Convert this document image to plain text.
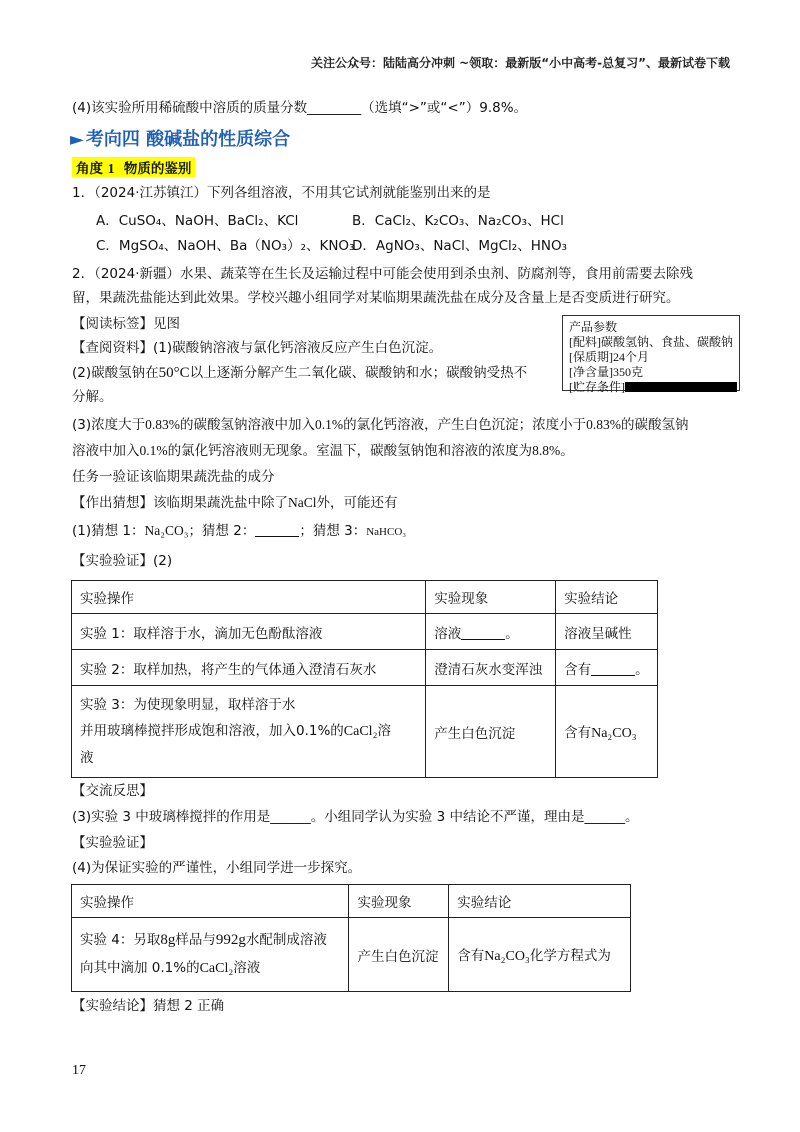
关注公众号：陆陆高分冲刺 ~领取：最新版“小中高考-总复习”、最新试卷下载
(4)该实验所用稀硫酸中溶质的质量分数________（选填“>”或“<”）9.8%。
► 考向四 酸碱盐的性质综合
角度 1 物质的鉴别
1．（2024·江苏镇江）下列各组溶液，不用其它试剂就能鉴别出来的是
A．CuSO₄、NaOH、BaCl₂、KCl	B．CaCl₂、K₂CO₃、Na₂CO₃、HCl
C．MgSO₄、NaOH、Ba（NO₃）₂、KNO₃
D．AgNO₃、NaCl、MgCl₂、HNO₃
2．（2024·新疆）水果、蔬菜等在生长及运输过程中可能会使用到杀虫剂、防腐剂等，食用前需要去除残
留，果蔬洗盐能达到此效果。学校兴趣小组同学对某临期果蔬洗盐在成分及含量上是否变质进行研究。
产品参数
[配料]碳酸氢钠、食盐、碳酸钠
[保质期]24个月
[净含量]350克
[贮存条件]
【阅读标签】见图
【查阅资料】(1)碳酸钠溶液与氯化钙溶液反应产生白色沉淀。
(2)碳酸氢钠在50°C以上逐渐分解产生二氧化碳、碳酸钠和水；碳酸钠受热不
分解。
(3)浓度大于0.83%的碳酸氢钠溶液中加入0.1%的氯化钙溶液，产生白色沉淀；浓度小于0.83%的碳酸氢钠
溶液中加入0.1%的氯化钙溶液则无现象。室温下，碳酸氢钠饱和溶液的浓度为8.8%。
任务一验证该临期果蔬洗盐的成分
【作出猜想】该临期果蔬洗盐中除了NaCl外，可能还有
(1)猜想 1：Na₂CO₃；猜想 2：	；猜想 3：NaHCO₃
【实验验证】(2)
实验操作	实验现象	实验结论
实验 1：取样溶于水，滴加无色酚酞溶液	溶液 。	溶液呈碱性
实验 2：取样加热，将产生的气体通入澄清石灰水	澄清石灰水变浑浊	含有 。

实验 3：为使现象明显，取样溶于水
并用玻璃棒搅拌形成饱和溶液，加入0.1%的CaCl₂溶
液	产生白色沉淀	含有Na₂CO₃
【交流反思】
(3)实验 3 中玻璃棒搅拌的作用是______。小组同学认为实验 3 中结论不严谨，理由是______。
【实验验证】
(4)为保证实验的严谨性，小组同学进一步探究。
实验操作	实验现象	实验结论

实验 4：另取8g样品与992g水配制成溶液
向其中滴加 0.1%的CaCl₂溶液	产生白色沉淀	含有Na₂CO₃化学方程式为
【实验结论】猜想 2 正确
17
